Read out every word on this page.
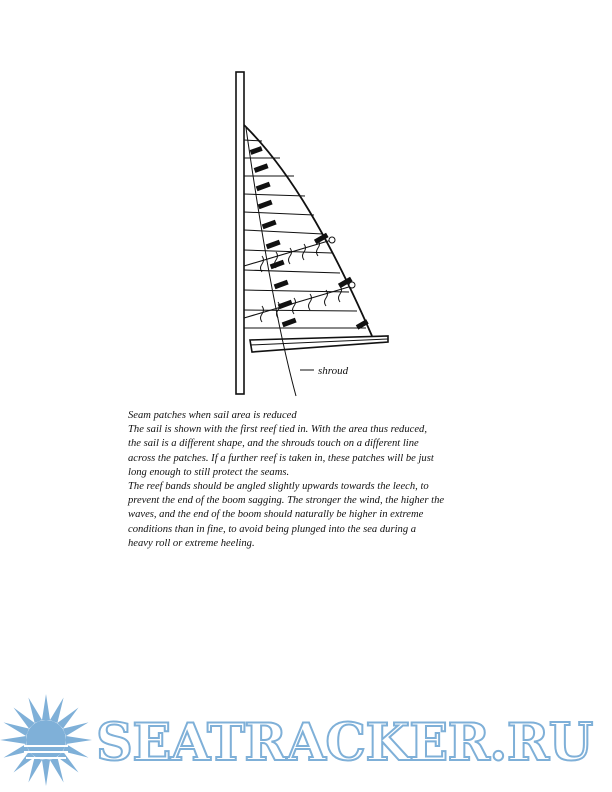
shroud
Seam patches when sail area is reduced
The sail is shown with the first reef tied in. With the area thus reduced,
the sail is a different shape, and the shrouds touch on a different line
across the patches. If a further reef is taken in, these patches will be just
long enough to still protect the seams.
The reef bands should be angled slightly upwards towards the leech, to
prevent the end of the boom sagging. The stronger the wind, the higher the
waves, and the end of the boom should naturally be higher in extreme
conditions than in fine, to avoid being plunged into the sea during a
heavy roll or extreme heeling.
SEATRACKER.RU
